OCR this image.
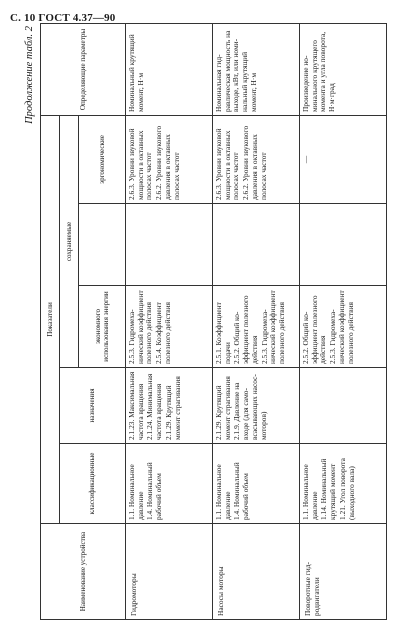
С. 10 ГОСТ 4.37—90
Продолжение табл. 2
Наименование устройства	Показатели					Определяющие параметры
	классификационные	назначения	сохраняемые			
			экономного использования энергии		эргономические	
Гидромоторы	1.1. Номинальное давление 1.4. Номинальный рабочий объем	2.1.23. Максимальная частота вращения 2.1.24. Минимальная частота вращения 2.1.29. Крутящий момент страгивания	2.5.3. Гидромеханический коэффициент полезного действия 2.5.4. Коэффициент полезного действия		2.6.3. Уровни звуковой мощности в октавных полосах частот 2.6.2. Уровни звукового давления в октавных полосах частот	Номинальный крутящий момент, Н·м
Насосы моторы	1.1. Номинальное давление 1.4. Номинальный рабочий объем	2.1.29. Крутящий момент страгивания 2.1.9. Давление на входе (для самовсасывающих насос-моторов)	2.5.1. Коэффициент подачи 2.5.2. Общий коэффициент полезного действия 2.5.3. Гидромеханический коэффициент полезного действия		2.6.3. Уровни звуковой мощности в октавных полосах частот 2.6.2. Уровни звукового давления в октавных полосах частот	Номинальная гидравлическая мощность на выходе, кВт, или номинальный крутящий момент, Н·м
Поворотные гидродвигатели	1.1. Номинальное давление 1.14. Номинальный крутящий момент 1.21. Угол поворота (выходного вала)		2.5.2. Общий коэффициент полезного действия 2.5.3. Гидромеханический коэффициент полезного действия		—	Произведение номинального крутящего момента и угла поворота, Н·м·град
